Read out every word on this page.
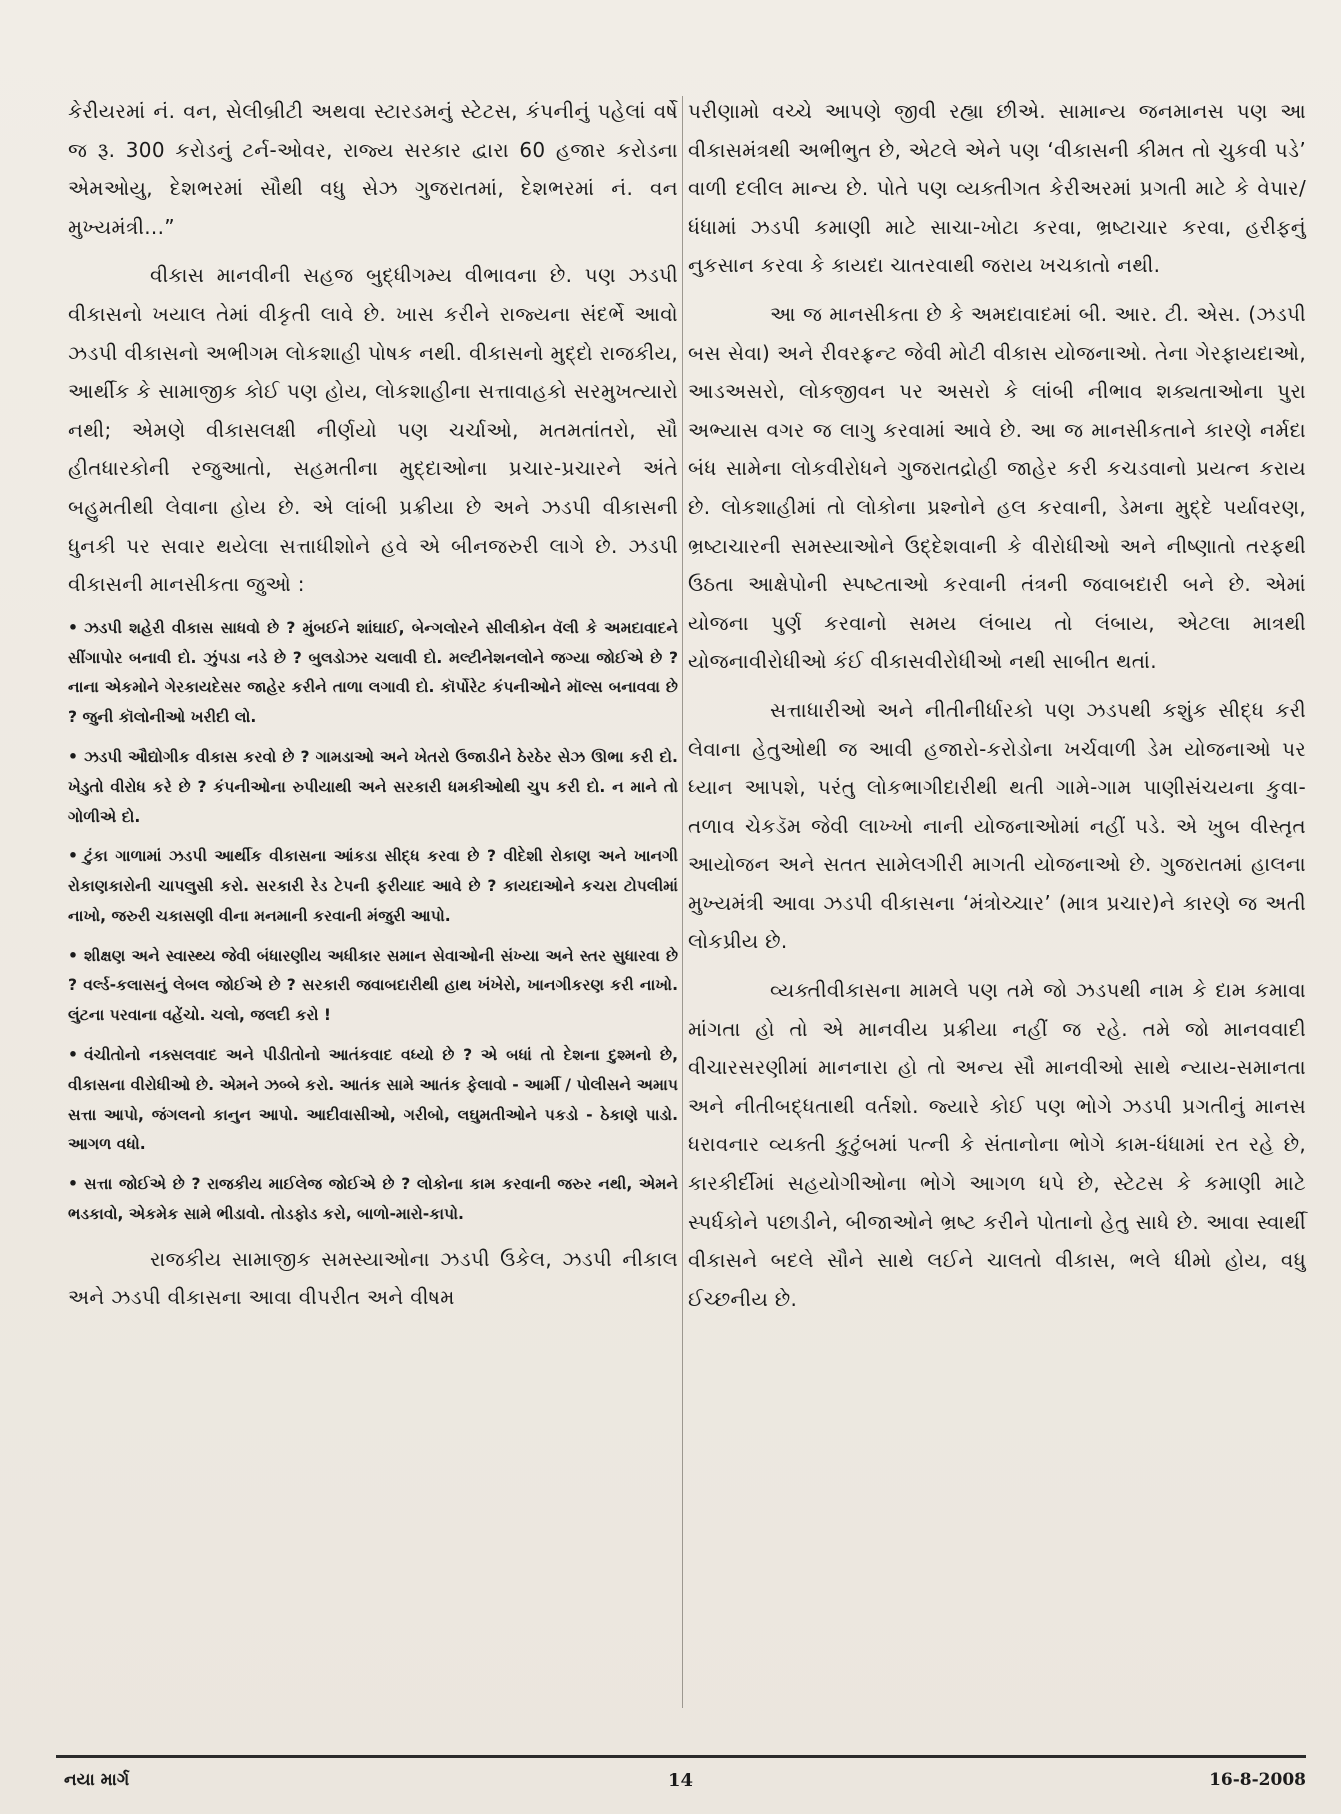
કેરીયરમાં નં. વન, સેલીબ્રીટી અથવા સ્ટારડમનું સ્ટેટસ, કંપનીનું પહેલાં વર્ષે જ રૂ. 300 કરોડનું ટર્ન-ઓવર, રાજ્ય સરકાર દ્વારા 60 હજાર કરોડના એમઓયુ, દેશભરમાં સૌથી વધુ સેઝ ગુજરાતમાં, દેશભરમાં નં. વન મુખ્યમંત્રી...”

વીકાસ માનવીની સહજ બુદ્ધીગમ્ય વીભાવના છે. પણ ઝડપી વીકાસનો ખયાલ તેમાં વીકૃતી લાવે છે. ખાસ કરીને રાજ્યના સંદર્ભે આવો ઝડપી વીકાસનો અભીગમ લોકશાહી પોષક નથી. વીકાસનો મુદ્દો રાજકીય, આર્થીક કે સામાજીક કોઈ પણ હોય, લોકશાહીના સત્તાવાહકો સરમુખત્યારો નથી; એમણે વીકાસલક્ષી નીર્ણયો પણ ચર્ચાઓ, મતમતાંતરો, સૌ હીતધારકોની રજુઆતો, સહમતીના મુદ્દાઓના પ્રચાર-પ્રચારને અંતે બહુમતીથી લેવાના હોય છે. એ લાંબી પ્રક્રીયા છે અને ઝડપી વીકાસની ધુનકી પર સવાર થયેલા સત્તાધીશોને હવે એ બીનજરુરી લાગે છે. ઝડપી વીકાસની માનસીકતા જુઓ :

• ઝડપી શહેરી વીકાસ સાધવો છે ? મુંબઈને શાંઘાઈ, બેન્ગલોરને સીલીકોન વૅલી કે અમદાવાદને સીંગાપોર બનાવી દો. ઝુંપડા નડે છે ? બુલડોઝર ચલાવી દો. મલ્ટીનેશનલોને જગ્યા જોઈએ છે ? નાના એકમોને ગેરકાયદેસર જાહેર કરીને તાળા લગાવી દો. કૉર્પોરેટ કંપનીઓને મૉલ્સ બનાવવા છે ? જુની કૉલોનીઓ ખરીદી લો.

• ઝડપી ઔદ્યોગીક વીકાસ કરવો છે ? ગામડાઓ અને ખેતરો ઉજાડીને ઠેરઠેર સેઝ ઊભા કરી દો. ખેડુતો વીરોધ કરે છે ? કંપનીઓના રુપીયાથી અને સરકારી ધમકીઓથી ચુપ કરી દો. ન માને તો ગોળીએ દો.

• ટુંકા ગાળામાં ઝડપી આર્થીક વીકાસના આંકડા સીદ્ધ કરવા છે ? વીદેશી રોકાણ અને ખાનગી રોકાણકારોની ચાપલુસી કરો. સરકારી રેડ ટેપની ફરીયાદ આવે છે ? કાયદાઓને કચરા ટોપલીમાં નાખો, જરુરી ચકાસણી વીના મનમાની કરવાની મંજુરી આપો.

• શીક્ષણ અને સ્વાસ્થ્ય જેવી બંધારણીય અધીકાર સમાન સેવાઓની સંખ્યા અને સ્તર સુધારવા છે ? વર્લ્ડ-કલાસનું લેબલ જોઈએ છે ? સરકારી જવાબદારીથી હાથ ખંખેરો, ખાનગીકરણ કરી નાખો. લુંટના પરવાના વહેંચો. ચલો, જલદી કરો !

• વંચીતોનો નક્સલવાદ અને પીડીતોનો આતંકવાદ વધ્યો છે ? એ બધાં તો દેશના દુશ્મનો છે, વીકાસના વીરોધીઓ છે. એમને ઝબ્બે કરો. આતંક સામે આતંક ફેલાવો - આર્મી / પોલીસને અમાપ સત્તા આપો, જંગલનો કાનુન આપો. આદીવાસીઓ, ગરીબો, લઘુમતીઓને પકડો - ઠેકાણે પાડો. આગળ વધો.

• સત્તા જોઈએ છે ? રાજકીય માઈલેજ જોઈએ છે ? લોકોના કામ કરવાની જરુર નથી, એમને ભડકાવો, એકમેક સામે ભીડાવો. તોડફોડ કરો, બાળો-મારો-કાપો.

રાજકીય સામાજીક સમસ્યાઓના ઝડપી ઉકેલ, ઝડપી નીકાલ અને ઝડપી વીકાસના આવા વીપરીત અને વીષમ

પરીણામો વચ્ચે આપણે જીવી રહ્યા છીએ. સામાન્ય જનમાનસ પણ આ વીકાસમંત્રથી અભીભુત છે, એટલે એને પણ ‘વીકાસની કીમત તો ચુકવી પડે’ વાળી દલીલ માન્ય છે. પોતે પણ વ્યક્તીગત કેરીઅરમાં પ્રગતી માટે કે વેપાર/ ધંધામાં ઝડપી કમાણી માટે સાચા-ખોટા કરવા, ભ્રષ્ટાચાર કરવા, હરીફનું નુકસાન કરવા કે કાયદા ચાતરવાથી જરાય ખચકાતો નથી.

આ જ માનસીકતા છે કે અમદાવાદમાં બી. આર. ટી. એસ. (ઝડપી બસ સેવા) અને રીવરફ્રન્ટ જેવી મોટી વીકાસ યોજનાઓ. તેના ગેરફાયદાઓ, આડઅસરો, લોકજીવન પર અસરો કે લાંબી નીભાવ શક્યતાઓના પુરા અભ્યાસ વગર જ લાગુ કરવામાં આવે છે. આ જ માનસીકતાને કારણે નર્મદા બંધ સામેના લોકવીરોધને ગુજરાતદ્રોહી જાહેર કરી કચડવાનો પ્રયત્ન કરાય છે. લોકશાહીમાં તો લોકોના પ્રશ્નોને હલ કરવાની, ડેમના મુદ્દે પર્યાવરણ, ભ્રષ્ટાચારની સમસ્યાઓને ઉદ્દેશવાની કે વીરોધીઓ અને નીષ્ણાતો તરફથી ઉઠતા આક્ષેપોની સ્પષ્ટતાઓ કરવાની તંત્રની જવાબદારી બને છે. એમાં યોજના પુર્ણ કરવાનો સમય લંબાય તો લંબાય, એટલા માત્રથી યોજનાવીરોધીઓ કંઈ વીકાસવીરોધીઓ નથી સાબીત થતાં.

સત્તાધારીઓ અને નીતીનીર્ધારકો પણ ઝડપથી કશુંક સીદ્ધ કરી લેવાના હેતુઓથી જ આવી હજારો-કરોડોના ખર્ચવાળી ડેમ યોજનાઓ પર ધ્યાન આપશે, પરંતુ લોકભાગીદારીથી થતી ગામે-ગામ પાણીસંચયના કુવા-તળાવ ચેકડૅમ જેવી લાખ્ખો નાની યોજનાઓમાં નહીં પડે. એ ખુબ વીસ્તૃત આયોજન અને સતત સામેલગીરી માગતી યોજનાઓ છે. ગુજરાતમાં હાલના મુખ્યમંત્રી આવા ઝડપી વીકાસના ‘મંત્રોચ્ચાર’ (માત્ર પ્રચાર)ને કારણે જ અતી લોકપ્રીય છે.

વ્યક્તીવીકાસના મામલે પણ તમે જો ઝડપથી નામ કે દામ કમાવા માંગતા હો તો એ માનવીય પ્રક્રીયા નહીં જ રહે. તમે જો માનવવાદી વીચારસરણીમાં માનનારા હો તો અન્ય સૌ માનવીઓ સાથે ન્યાય-સમાનતા અને નીતીબદ્ધતાથી વર્તશો. જ્યારે કોઈ પણ ભોગે ઝડપી પ્રગતીનું માનસ ધરાવનાર વ્યક્તી કુટુંબમાં પત્ની કે સંતાનોના ભોગે કામ-ધંધામાં રત રહે છે, કારકીર્દીમાં સહયોગીઓના ભોગે આગળ ધપે છે, સ્ટેટસ કે કમાણી માટે સ્પર્ધકોને પછાડીને, બીજાઓને ભ્રષ્ટ કરીને પોતાનો હેતુ સાધે છે. આવા સ્વાર્થી વીકાસને બદલે સૌને સાથે લઈને ચાલતો વીકાસ, ભલે ધીમો હોય, વધુ ઈચ્છનીય છે.

નયા માર્ગ	14	16-8-2008
